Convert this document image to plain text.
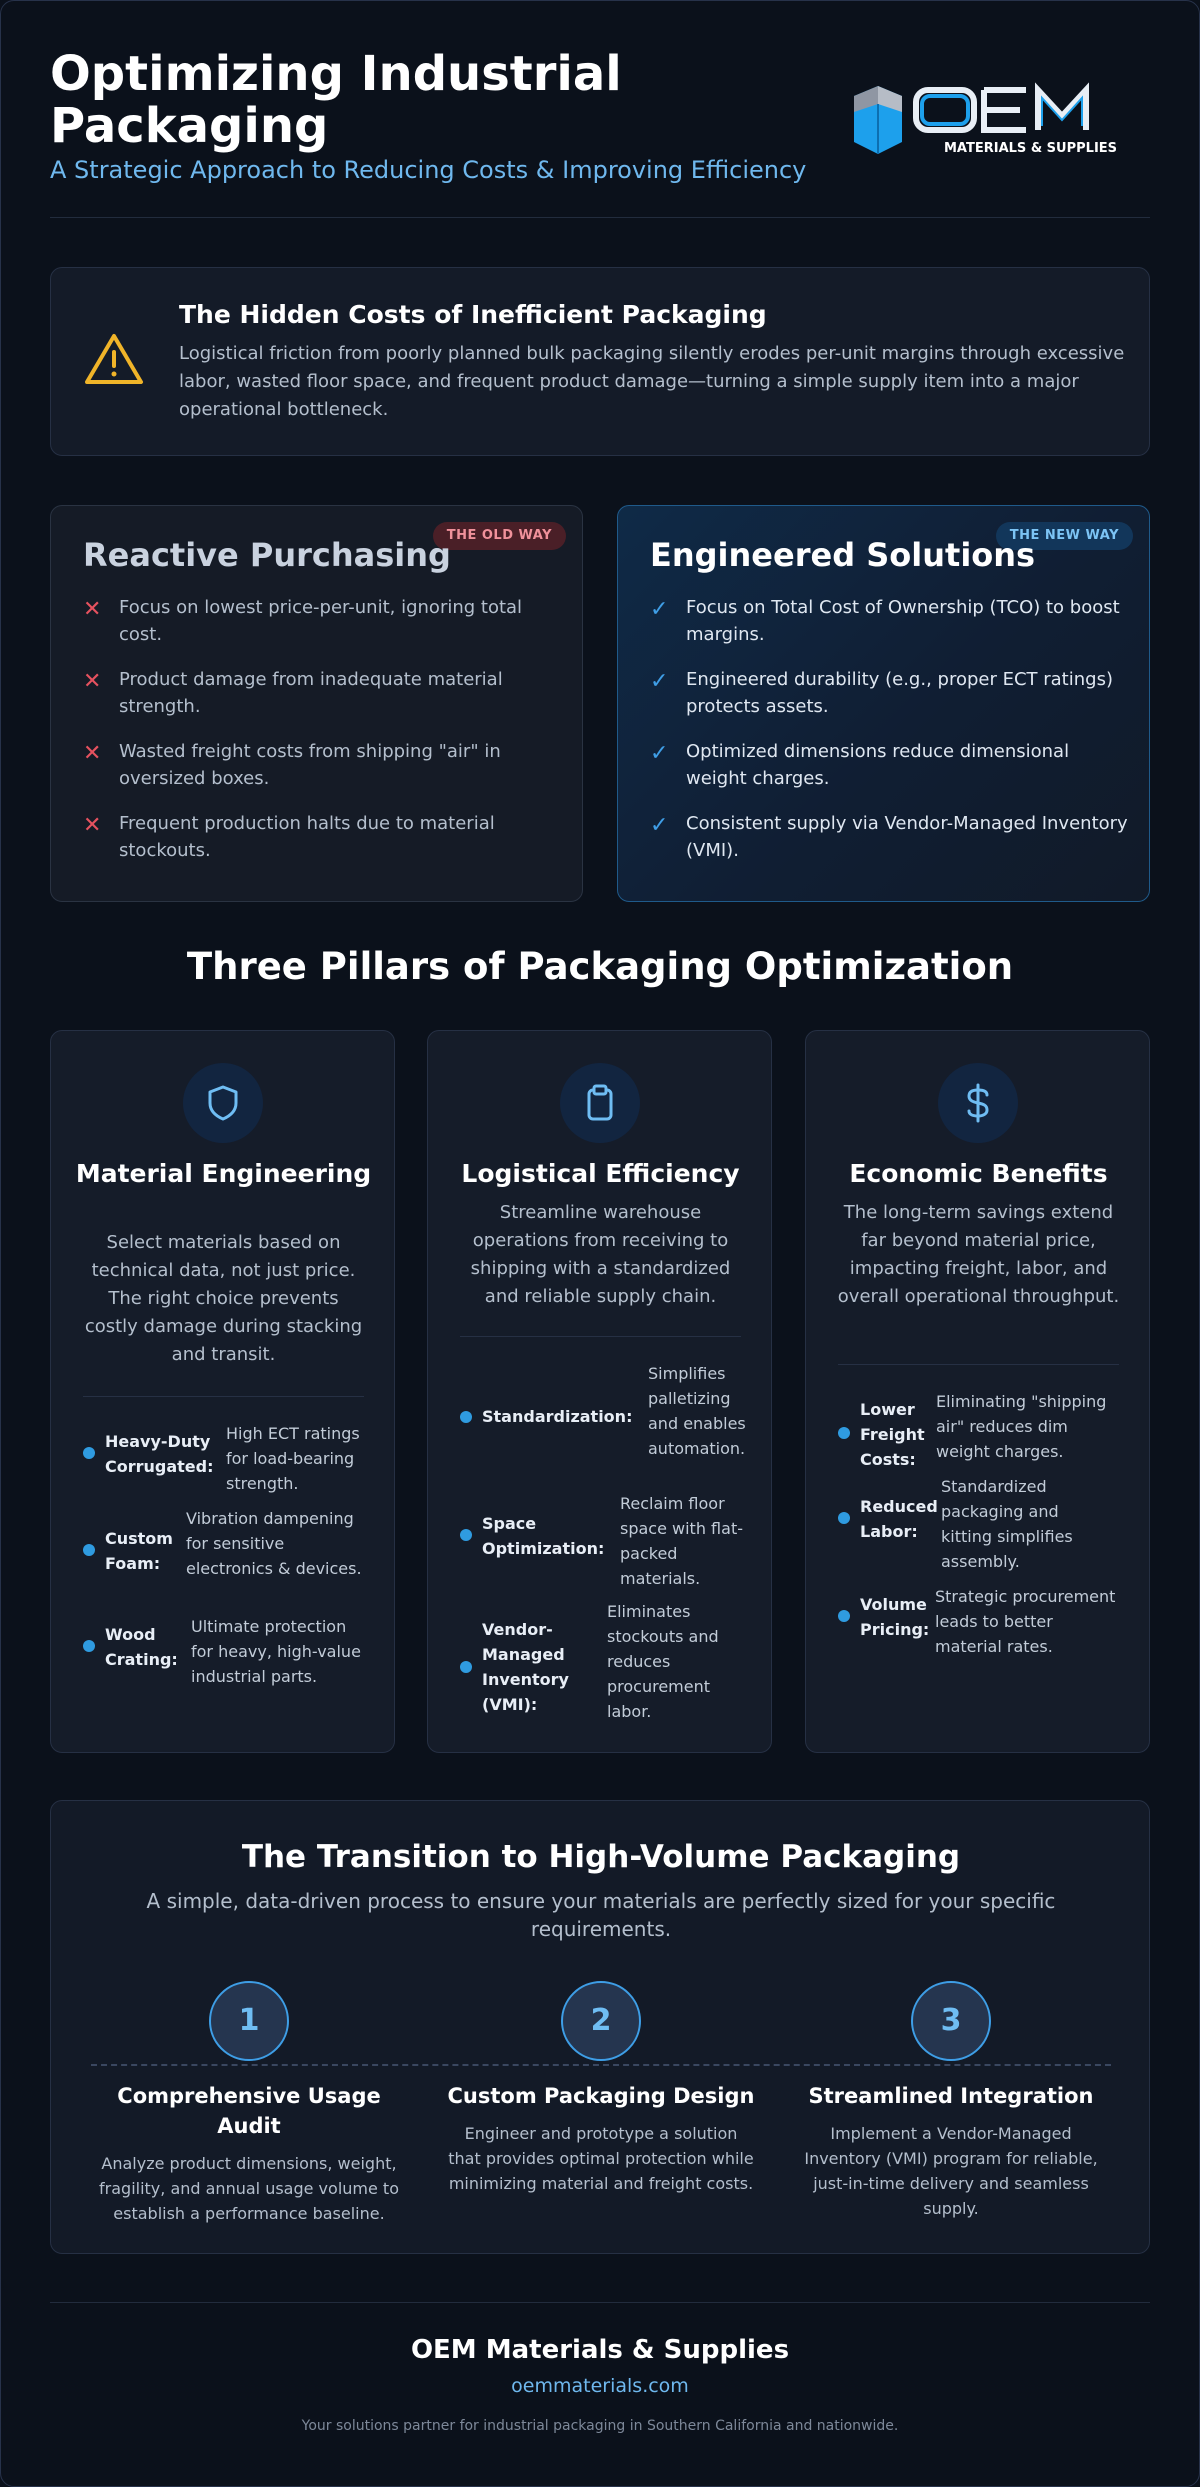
Optimizing Industrial Packaging
A Strategic Approach to Reducing Costs & Improving Efficiency
MATERIALS & SUPPLIES
The Hidden Costs of Inefficient Packaging
Logistical friction from poorly planned bulk packaging silently erodes per-unit margins through excessive labor, wasted floor space, and frequent product damage—turning a simple supply item into a major operational bottleneck.
THE OLD WAY
Reactive Purchasing
✕ Focus on lowest price-per-unit, ignoring total cost.
✕ Product damage from inadequate material strength.
✕ Wasted freight costs from shipping "air" in oversized boxes.
✕ Frequent production halts due to material stockouts.
THE NEW WAY
Engineered Solutions
✓ Focus on Total Cost of Ownership (TCO) to boost margins.
✓ Engineered durability (e.g., proper ECT ratings) protects assets.
✓ Optimized dimensions reduce dimensional weight charges.
✓ Consistent supply via Vendor-Managed Inventory (VMI).
Three Pillars of Packaging Optimization
Material Engineering
Select materials based on technical data, not just price. The right choice prevents costly damage during stacking and transit.
Heavy-Duty Corrugated:
High ECT ratings for load-bearing strength.
Custom Foam:
Vibration dampening for sensitive electronics & devices.
Wood Crating:
Ultimate protection for heavy, high-value industrial parts.
Logistical Efficiency
Streamline warehouse operations from receiving to shipping with a standardized and reliable supply chain.
Standardization:
Simplifies palletizing and enables automation.
Space Optimization:
Reclaim floor space with flat-packed materials.
Vendor-Managed Inventory (VMI):
Eliminates stockouts and reduces procurement labor.
Economic Benefits
The long-term savings extend far beyond material price, impacting freight, labor, and overall operational throughput.
Lower Freight Costs:
Eliminating "shipping air" reduces dim weight charges.
Reduced Labor:
Standardized packaging and kitting simplifies assembly.
Volume Pricing:
Strategic procurement leads to better material rates.
The Transition to High-Volume Packaging
A simple, data-driven process to ensure your materials are perfectly sized for your specific requirements.
1
Comprehensive Usage Audit
Analyze product dimensions, weight, fragility, and annual usage volume to establish a performance baseline.
2
Custom Packaging Design
Engineer and prototype a solution that provides optimal protection while minimizing material and freight costs.
3
Streamlined Integration
Implement a Vendor-Managed Inventory (VMI) program for reliable, just-in-time delivery and seamless supply.
OEM Materials & Supplies
oemmaterials.com
Your solutions partner for industrial packaging in Southern California and nationwide.
